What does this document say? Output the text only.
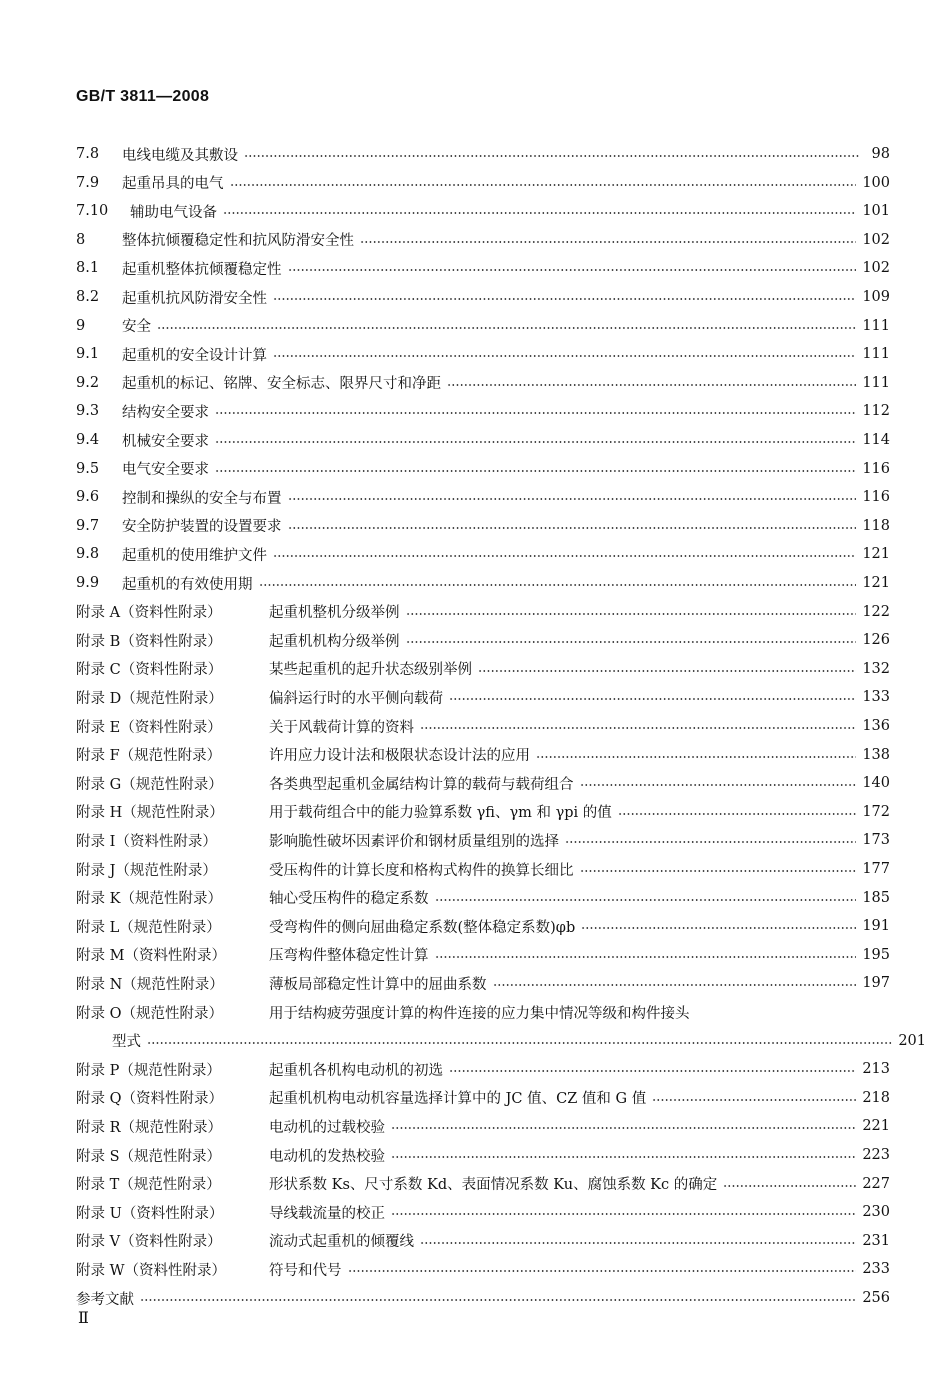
GB/T 3811—2008
7.8	电线电缆及其敷设	98
7.9	起重吊具的电气	100
7.10	辅助电气设备	101
8	整体抗倾覆稳定性和抗风防滑安全性	102
8.1	起重机整体抗倾覆稳定性	102
8.2	起重机抗风防滑安全性	109
9	安全	111
9.1	起重机的安全设计计算	111
9.2	起重机的标记、铭牌、安全标志、限界尺寸和净距	111
9.3	结构安全要求	112
9.4	机械安全要求	114
9.5	电气安全要求	116
9.6	控制和操纵的安全与布置	116
9.7	安全防护装置的设置要求	118
9.8	起重机的使用维护文件	121
9.9	起重机的有效使用期	121
附录 A（资料性附录）	起重机整机分级举例	122
附录 B（资料性附录）	起重机机构分级举例	126
附录 C（资料性附录）	某些起重机的起升状态级别举例	132
附录 D（规范性附录）	偏斜运行时的水平侧向载荷	133
附录 E（资料性附录）	关于风载荷计算的资料	136
附录 F（规范性附录）	许用应力设计法和极限状态设计法的应用	138
附录 G（规范性附录）	各类典型起重机金属结构计算的载荷与载荷组合	140
附录 H（规范性附录）	用于载荷组合中的能力验算系数 γfi、γm 和 γpi 的值	172
附录 I（资料性附录）	影响脆性破坏因素评价和钢材质量组别的选择	173
附录 J（规范性附录）	受压构件的计算长度和格构式构件的换算长细比	177
附录 K（规范性附录）	轴心受压构件的稳定系数	185
附录 L（规范性附录）	受弯构件的侧向屈曲稳定系数(整体稳定系数)φb	191
附录 M（资料性附录）	压弯构件整体稳定性计算	195
附录 N（规范性附录）	薄板局部稳定性计算中的屈曲系数	197
附录 O（规范性附录）	用于结构疲劳强度计算的构件连接的应力集中情况等级和构件接头
型式	201
附录 P（规范性附录）	起重机各机构电动机的初选	213
附录 Q（资料性附录）	起重机机构电动机容量选择计算中的 JC 值、CZ 值和 G 值	218
附录 R（规范性附录）	电动机的过载校验	221
附录 S（规范性附录）	电动机的发热校验	223
附录 T（规范性附录）	形状系数 Ks、尺寸系数 Kd、表面情况系数 Ku、腐蚀系数 Kc 的确定	227
附录 U（资料性附录）	导线载流量的校正	230
附录 V（资料性附录）	流动式起重机的倾覆线	231
附录 W（资料性附录）	符号和代号	233
参考文献	256
Ⅱ
